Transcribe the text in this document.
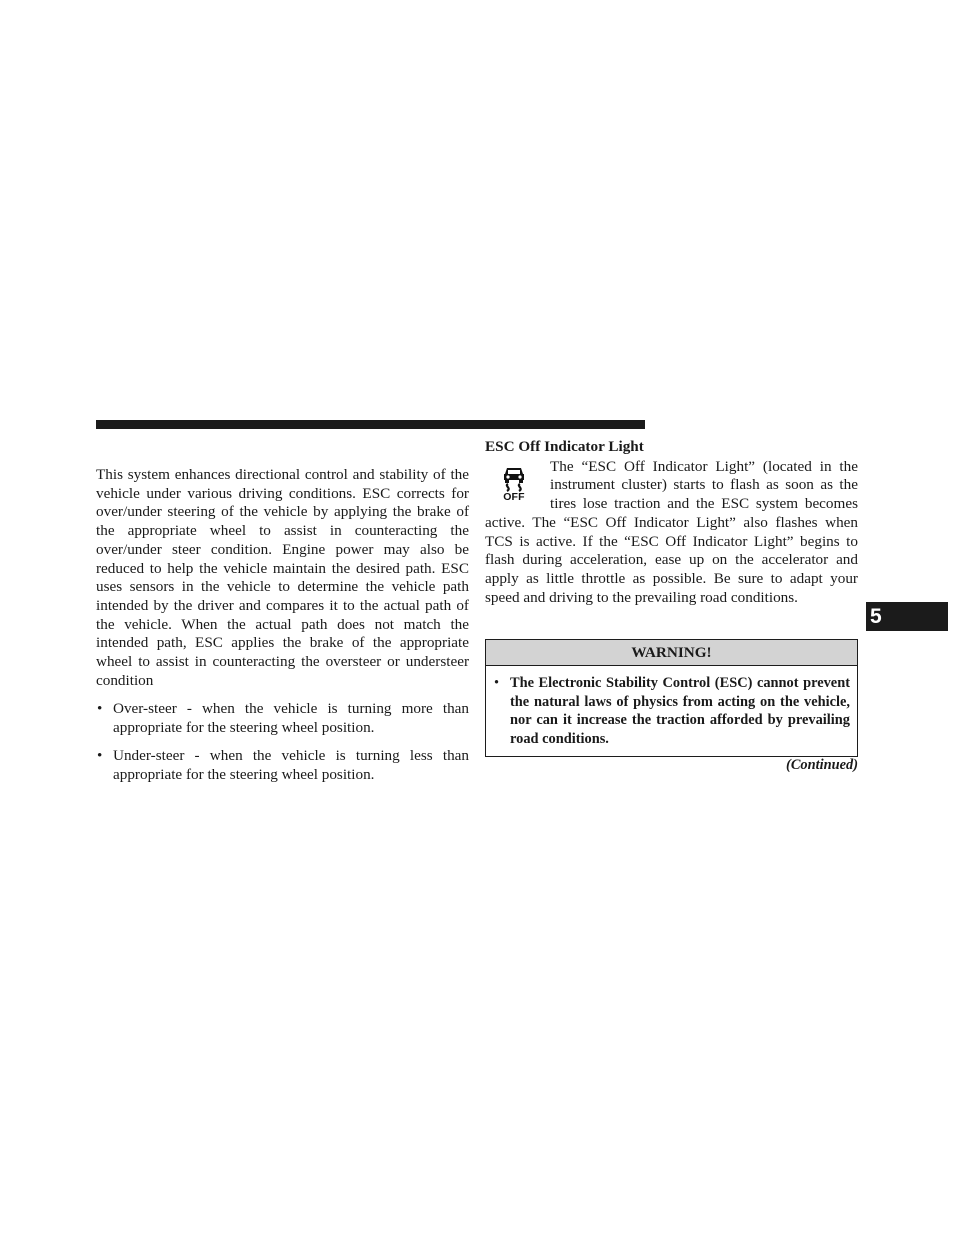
This system enhances directional control and stability of the vehicle under various driving conditions. ESC corrects for over/under steering of the vehicle by applying the brake of the appropriate wheel to assist in counteracting the over/under steer condition. Engine power may also be reduced to help the vehicle maintain the desired path. ESC uses sensors in the vehicle to determine the vehicle path intended by the driver and compares it to the actual path of the vehicle. When the actual path does not match the intended path, ESC applies the brake of the appropriate wheel to assist in counteracting the oversteer or understeer condition

• Over-steer - when the vehicle is turning more than appropriate for the steering wheel position.
• Under-steer - when the vehicle is turning less than appropriate for the steering wheel position.
ESC Off Indicator Light

OFF
The “ESC Off Indicator Light” (located in the instrument cluster) starts to flash as soon as the tires lose traction and the ESC system becomes active. The “ESC Off Indicator Light” also flashes when TCS is active. If the “ESC Off Indicator Light” begins to flash during acceleration, ease up on the accelerator and apply as little throttle as possible. Be sure to adapt your speed and driving to the prevailing road conditions.

WARNING!
• The Electronic Stability Control (ESC) cannot prevent the natural laws of physics from acting on the vehicle, nor can it increase the traction afforded by prevailing road conditions.
(Continued)
5
